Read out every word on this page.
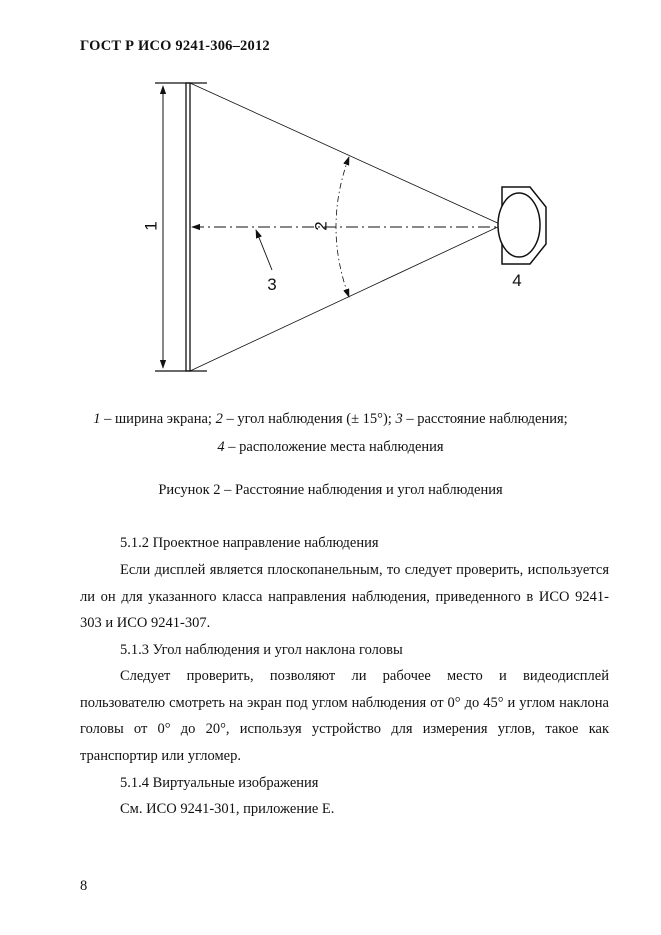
ГОСТ Р ИСО 9241-306–2012
1	2
3	4
1 – ширина экрана; 2 – угол наблюдения (± 15°); 3 – расстояние наблюдения;
4 – расположение места наблюдения
Рисунок 2 – Расстояние наблюдения и угол наблюдения
5.1.2 Проектное направление наблюдения

Если дисплей является плоскопанельным, то следует проверить, используется ли он для указанного класса направления наблюдения, приведенного в ИСО 9241-303 и ИСО 9241-307.

5.1.3 Угол наблюдения и угол наклона головы

Следует проверить, позволяют ли рабочее место и видеодисплей пользователю смотреть на экран под углом наблюдения от 0° до 45° и углом наклона головы от 0° до 20°, используя устройство для измерения углов, такое как транспортир или угломер.

5.1.4 Виртуальные изображения

См. ИСО 9241-301, приложение Е.

8
